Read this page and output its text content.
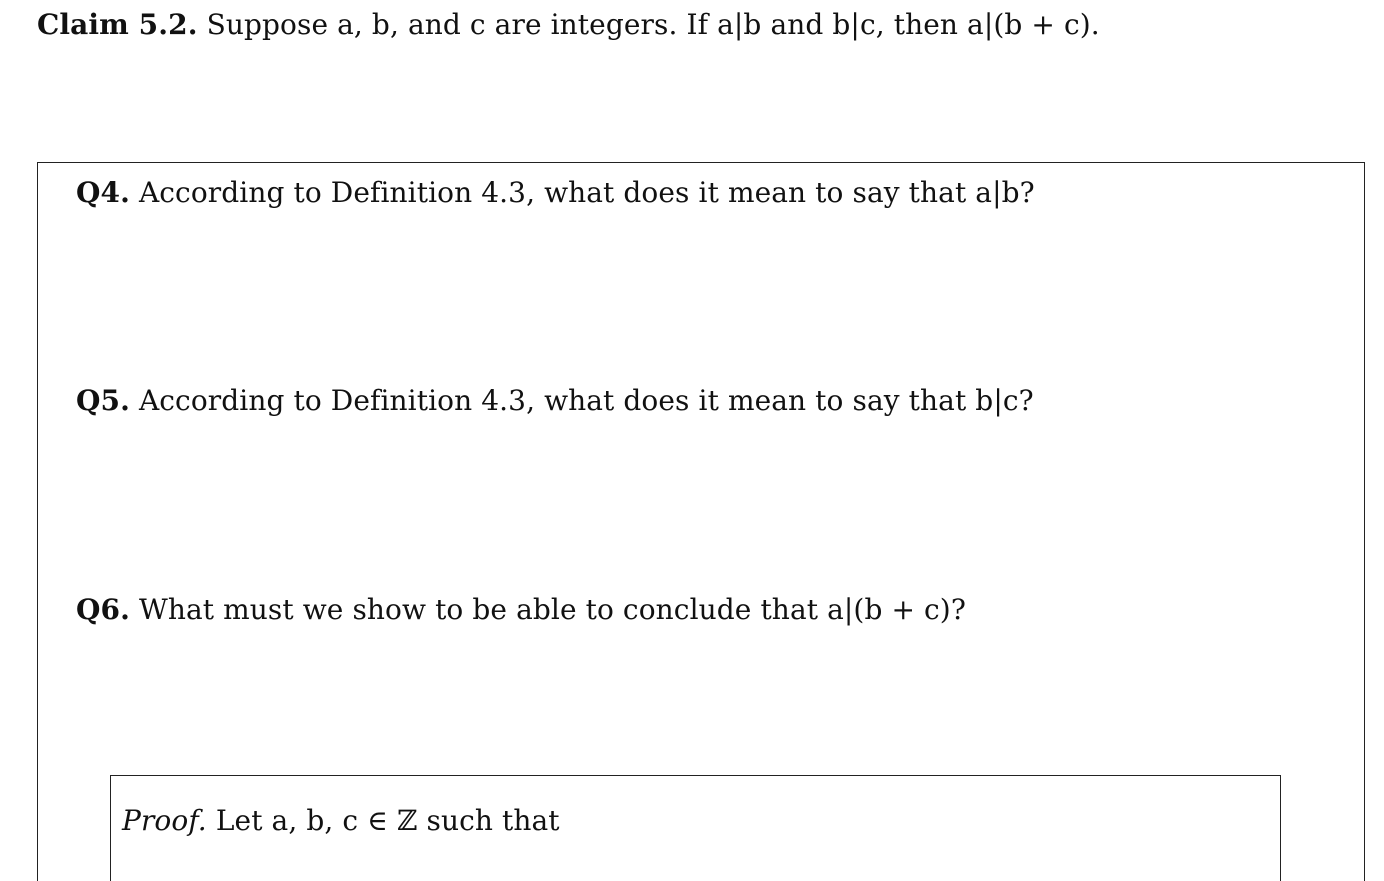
Claim 5.2. Suppose a, b, and c are integers. If a|b and b|c, then a|(b + c).
Q4. According to Definition 4.3, what does it mean to say that a|b?
Q5. According to Definition 4.3, what does it mean to say that b|c?
Q6. What must we show to be able to conclude that a|(b + c)?
Proof. Let a, b, c ∈ ℤ such that
